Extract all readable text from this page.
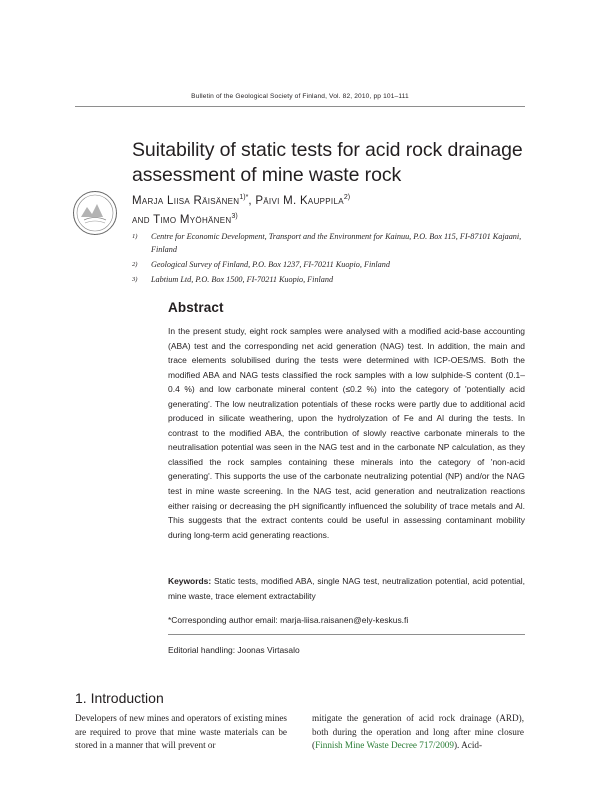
Bulletin of the Geological Society of Finland, Vol. 82, 2010, pp 101–111
Suitability of static tests for acid rock drainage assessment of mine waste rock
Marja Liisa Räisänen$^{1)*}$, Päivi M. Kauppila$^{2)}$
and Timo Myöhänen$^{3)}$
$^{1)}$ Centre for Economic Development, Transport and the Environment for Kainuu, P.O. Box 115, FI-87101 Kajaani, Finland
$^{2)}$ Geological Survey of Finland, P.O. Box 1237, FI-70211 Kuopio, Finland
$^{3)}$ Labtium Ltd, P.O. Box 1500, FI-70211 Kuopio, Finland
Abstract
In the present study, eight rock samples were analysed with a modified acid-base accounting (ABA) test and the corresponding net acid generation (NAG) test. In addition, the main and trace elements solubilised during the tests were determined with ICP-OES/MS. Both the modified ABA and NAG tests classified the rock samples with a low sulphide-S content (0.1–0.4 %) and low carbonate mineral content (≤0.2 %) into the category of 'potentially acid generating'. The low neutralization potentials of these rocks were partly due to additional acid produced in silicate weathering, upon the hydrolyzation of Fe and Al during the tests. In contrast to the modified ABA, the contribution of slowly reactive carbonate minerals to the neutralisation potential was seen in the NAG test and in the carbonate NP calculation, as they classified the rock samples containing these minerals into the category of 'non-acid generating'. This supports the use of the carbonate neutralizing potential (NP) and/or the NAG test in mine waste screening. In the NAG test, acid generation and neutralization reactions either raising or decreasing the pH significantly influenced the solubility of trace metals and Al. This suggests that the extract contents could be useful in assessing contaminant mobility during long-term acid generating reactions.
Keywords: Static tests, modified ABA, single NAG test, neutralization potential, acid potential, mine waste, trace element extractability
*Corresponding author email: marja-liisa.raisanen@ely-keskus.fi
Editorial handling: Joonas Virtasalo
1. Introduction
Developers of new mines and operators of existing mines are required to prove that mine waste materials can be stored in a manner that will prevent or
mitigate the generation of acid rock drainage (ARD), both during the operation and long after mine closure (Finnish Mine Waste Decree 717/2009). Acid-
